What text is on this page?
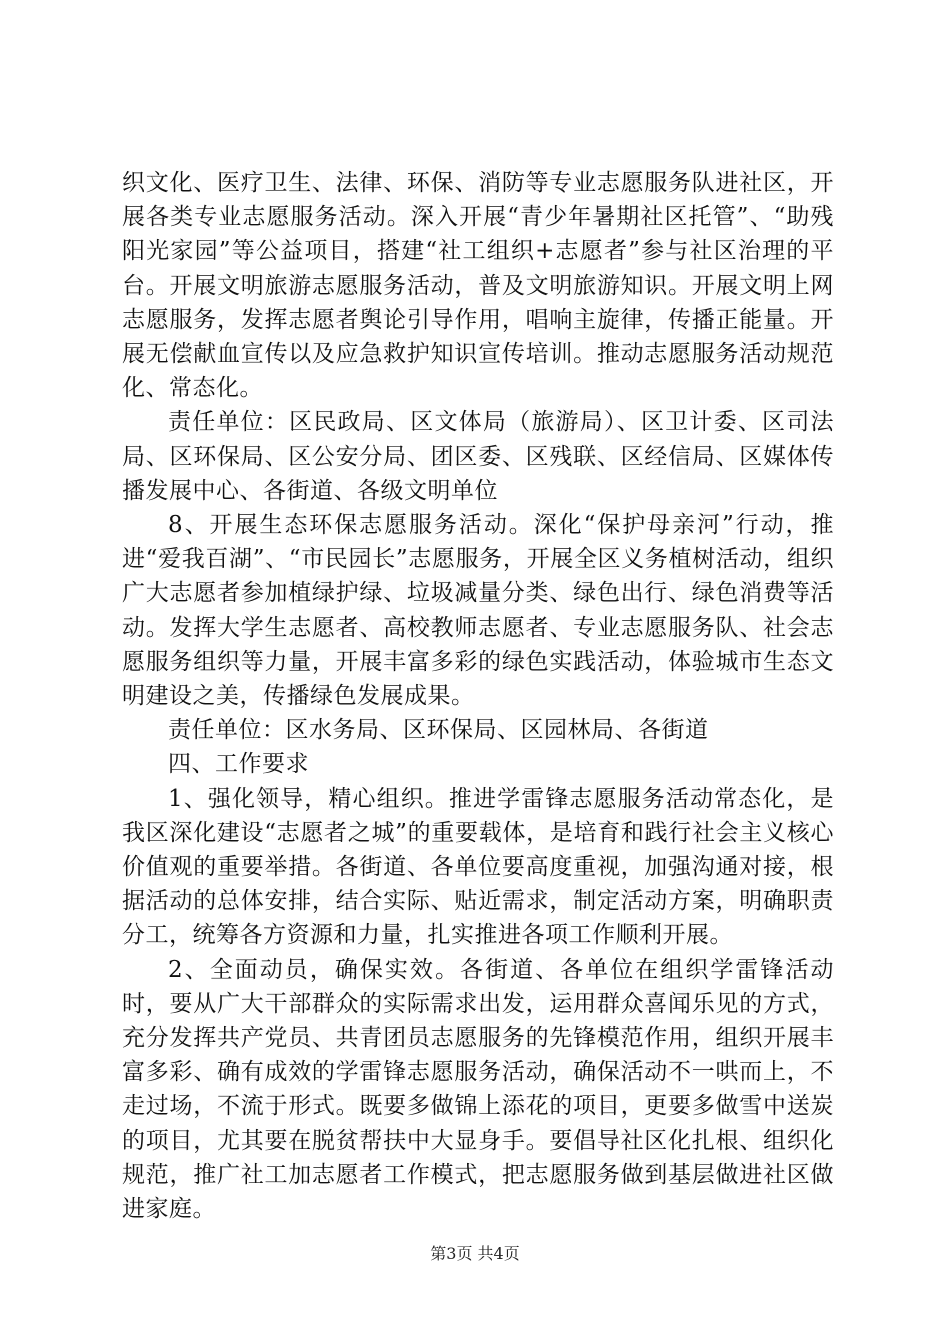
织文化、医疗卫生、法律、环保、消防等专业志愿服务队进社区，开展各类专业志愿服务活动。深入开展“青少年暑期社区托管”、“助残阳光家园”等公益项目，搭建“社工组织+志愿者”参与社区治理的平台。开展文明旅游志愿服务活动，普及文明旅游知识。开展文明上网志愿服务，发挥志愿者舆论引导作用，唱响主旋律，传播正能量。开展无偿献血宣传以及应急救护知识宣传培训。推动志愿服务活动规范化、常态化。

责任单位：区民政局、区文体局（旅游局）、区卫计委、区司法局、区环保局、区公安分局、团区委、区残联、区经信局、区媒体传播发展中心、各街道、各级文明单位

8、开展生态环保志愿服务活动。深化“保护母亲河”行动，推进“爱我百湖”、“市民园长”志愿服务，开展全区义务植树活动，组织广大志愿者参加植绿护绿、垃圾减量分类、绿色出行、绿色消费等活动。发挥大学生志愿者、高校教师志愿者、专业志愿服务队、社会志愿服务组织等力量，开展丰富多彩的绿色实践活动，体验城市生态文明建设之美，传播绿色发展成果。

责任单位：区水务局、区环保局、区园林局、各街道

四、工作要求

1、强化领导，精心组织。推进学雷锋志愿服务活动常态化，是我区深化建设“志愿者之城”的重要载体，是培育和践行社会主义核心价值观的重要举措。各街道、各单位要高度重视，加强沟通对接，根据活动的总体安排，结合实际、贴近需求，制定活动方案，明确职责分工，统筹各方资源和力量，扎实推进各项工作顺利开展。

2、全面动员，确保实效。各街道、各单位在组织学雷锋活动时，要从广大干部群众的实际需求出发，运用群众喜闻乐见的方式，充分发挥共产党员、共青团员志愿服务的先锋模范作用，组织开展丰富多彩、确有成效的学雷锋志愿服务活动，确保活动不一哄而上，不走过场，不流于形式。既要多做锦上添花的项目，更要多做雪中送炭的项目，尤其要在脱贫帮扶中大显身手。要倡导社区化扎根、组织化规范，推广社工加志愿者工作模式，把志愿服务做到基层做进社区做进家庭。

第3页 共4页
